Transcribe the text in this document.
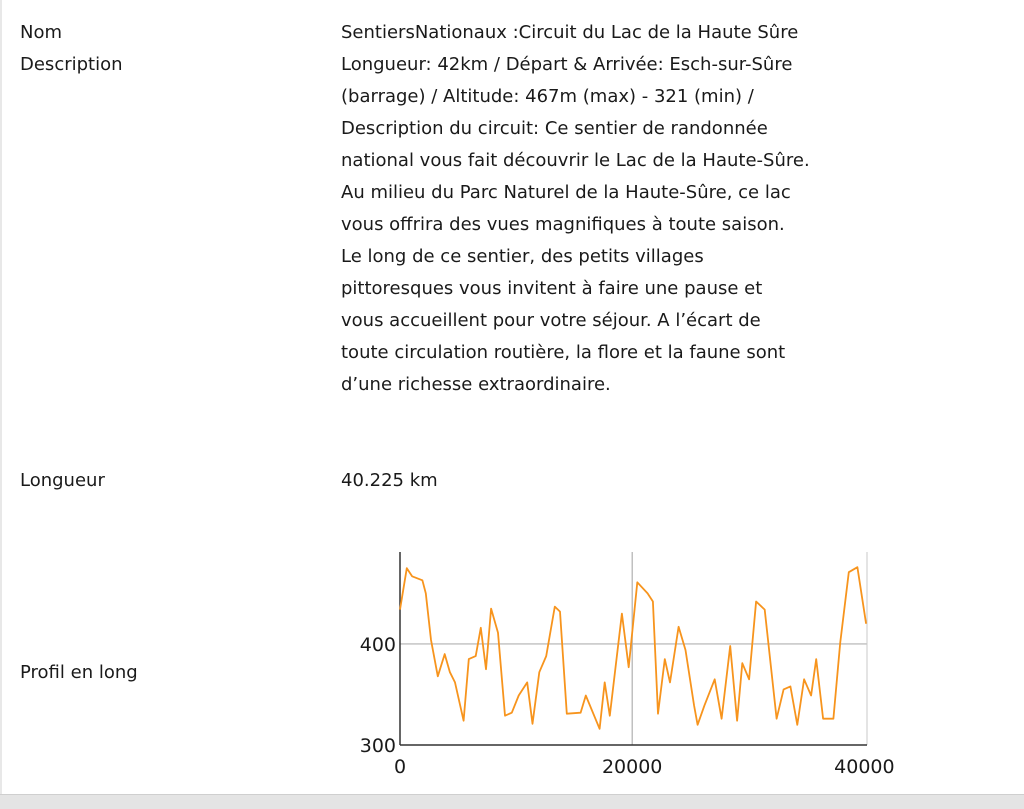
Nom	SentiersNationaux :Circuit du Lac de la Haute Sûre
Description	Longueur: 42km / Départ & Arrivée: Esch-sur-Sûre
(barrage) / Altitude: 467m (max) - 321 (min) /
Description du circuit: Ce sentier de randonnée
national vous fait découvrir le Lac de la Haute-Sûre.
Au milieu du Parc Naturel de la Haute-Sûre, ce lac
vous offrira des vues magnifiques à toute saison.
Le long de ce sentier, des petits villages
pittoresques vous invitent à faire une pause et
vous accueillent pour votre séjour. A l’écart de
toute circulation routière, la flore et la faune sont
d’une richesse extraordinaire.
Longueur	40.225 km
Profil en long
0	20000	40000
300
400
